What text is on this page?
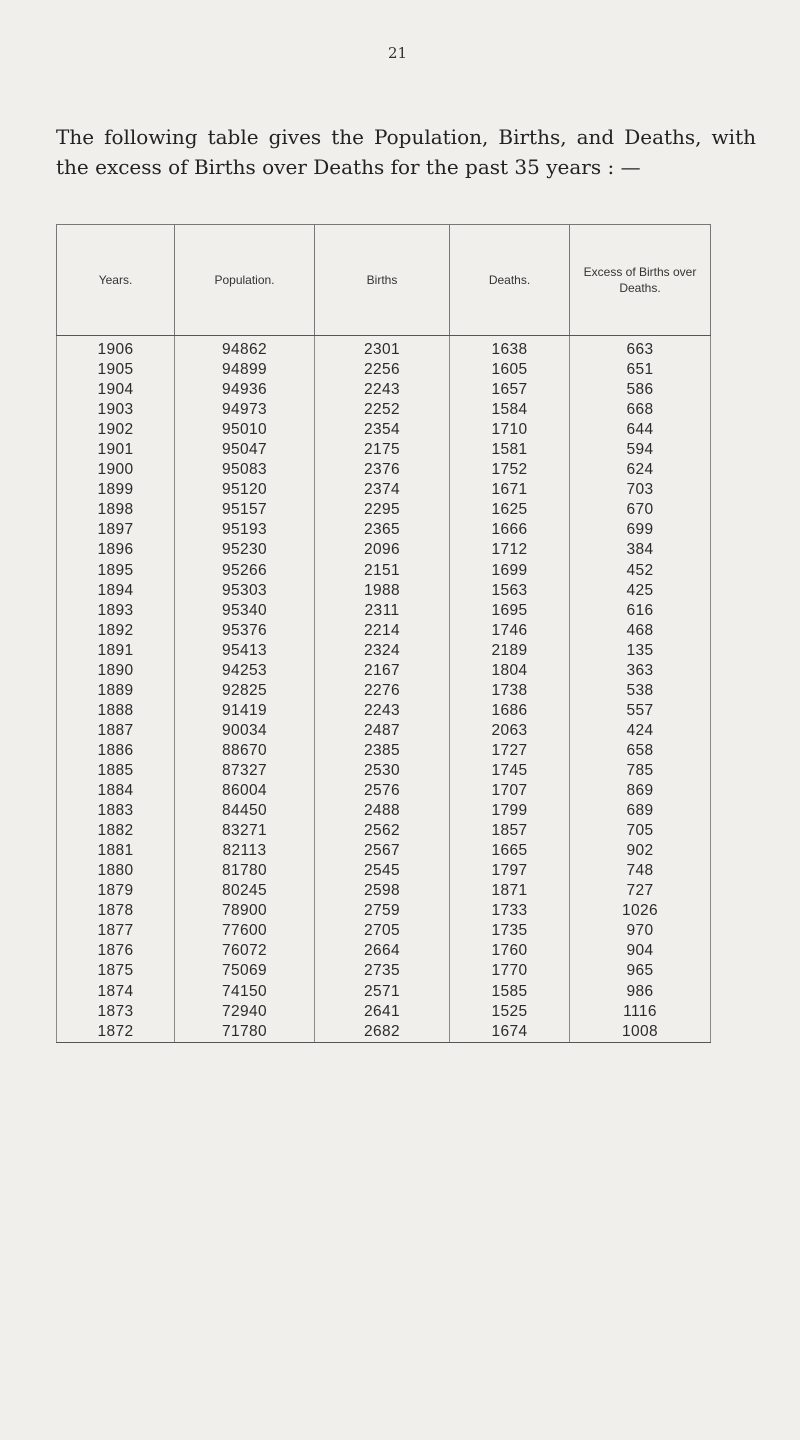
21

The following table gives the Population, Births, and Deaths, with the excess of Births over Deaths for the past 35 years : —

Years.	Population.	Births	Deaths.	Excess of Births over Deaths.
1906	94862	2301	1638	663
1905	94899	2256	1605	651
1904	94936	2243	1657	586
1903	94973	2252	1584	668
1902	95010	2354	1710	644
1901	95047	2175	1581	594
1900	95083	2376	1752	624
1899	95120	2374	1671	703
1898	95157	2295	1625	670
1897	95193	2365	1666	699
1896	95230	2096	1712	384
1895	95266	2151	1699	452
1894	95303	1988	1563	425
1893	95340	2311	1695	616
1892	95376	2214	1746	468
1891	95413	2324	2189	135
1890	94253	2167	1804	363
1889	92825	2276	1738	538
1888	91419	2243	1686	557
1887	90034	2487	2063	424
1886	88670	2385	1727	658
1885	87327	2530	1745	785
1884	86004	2576	1707	869
1883	84450	2488	1799	689
1882	83271	2562	1857	705
1881	82113	2567	1665	902
1880	81780	2545	1797	748
1879	80245	2598	1871	727
1878	78900	2759	1733	1026
1877	77600	2705	1735	970
1876	76072	2664	1760	904
1875	75069	2735	1770	965
1874	74150	2571	1585	986
1873	72940	2641	1525	1116
1872	71780	2682	1674	1008
